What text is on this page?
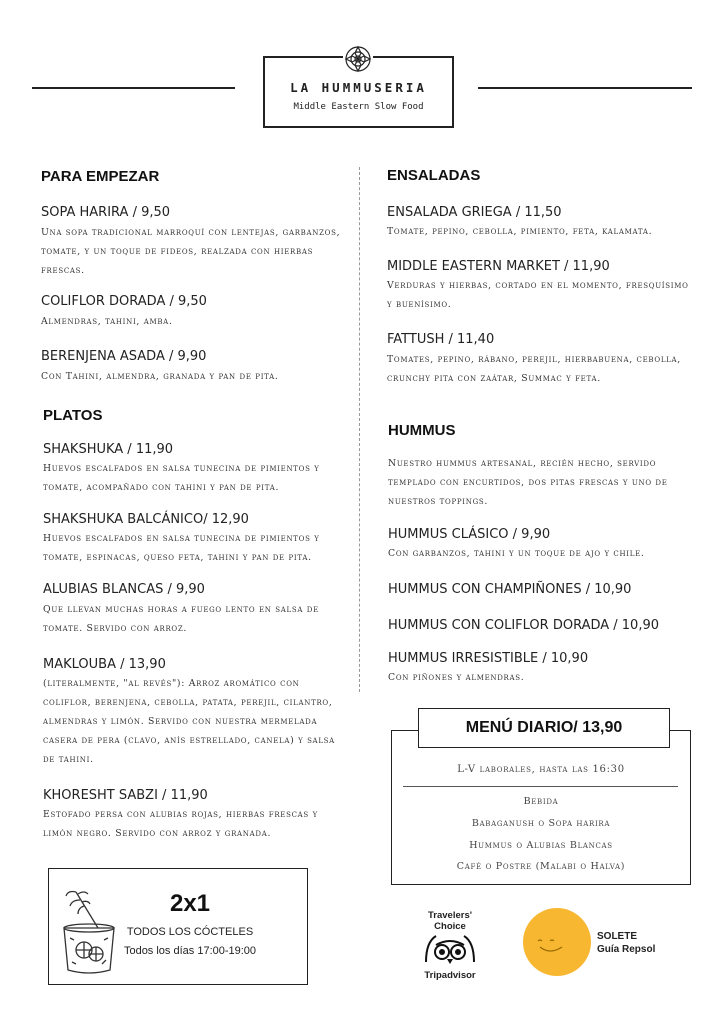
LA HUMMUSERIA
Middle Eastern Slow Food
PARA EMPEZAR
SOPA HARIRA / 9,50
Una sopa tradicional marroquí con lentejas, garbanzos, tomate, y un toque de fideos, realzada con hierbas frescas.
COLIFLOR DORADA / 9,50
Almendras, tahini, amba.
BERENJENA ASADA / 9,90
Con Tahini, almendra, granada y pan de pita.
PLATOS
SHAKSHUKA / 11,90
Huevos escalfados en salsa tunecina de pimientos y tomate, acompañado con tahini y pan de pita.
SHAKSHUKA BALCÁNICO/ 12,90
Huevos escalfados en salsa tunecina de pimientos y tomate, espinacas, queso feta, tahini y pan de pita.
ALUBIAS BLANCAS / 9,90
Que llevan muchas horas a fuego lento en salsa de tomate. Servido con arroz.
MAKLOUBA / 13,90
(literalmente, "al revés"): Arroz aromático con coliflor, berenjena, cebolla, patata, perejil, cilantro, almendras y limón. Servido con nuestra mermelada casera de pera (clavo, anís estrellado, canela) y salsa de tahini.
KHORESHT SABZI / 11,90
Estofado persa con alubias rojas, hierbas frescas y limón negro. Servido con arroz y granada.
ENSALADAS
ENSALADA GRIEGA / 11,50
Tomate, pepino, cebolla, pimiento, feta, kalamata.
MIDDLE EASTERN MARKET / 11,90
Verduras y hierbas, cortado en el momento, fresquísimo y buenísimo.
FATTUSH / 11,40
Tomates, pepino, rábano, perejil, hierbabuena, cebolla, crunchy pita con zaátar, Summac y feta.
HUMMUS
Nuestro hummus artesanal, recién hecho, servido templado con encurtidos, dos pitas frescas y uno de nuestros toppings.
HUMMUS CLÁSICO / 9,90
Con garbanzos, tahini y un toque de ajo y chile.
HUMMUS CON CHAMPIÑONES / 10,90
HUMMUS CON COLIFLOR DORADA / 10,90
HUMMUS IRRESISTIBLE / 10,90
Con piñones y almendras.
MENÚ DIARIO/ 13,90
L-V laborales, hasta las 16:30
Bebida
Babaganush o Sopa harira
Hummus o Alubias Blancas
Café o Postre (Malabi o Halva)
2x1
TODOS LOS CÓCTELES
Todos los días 17:00-19:00
Travelers'
Choice
Tripadvisor
SOLETE
Guía Repsol
